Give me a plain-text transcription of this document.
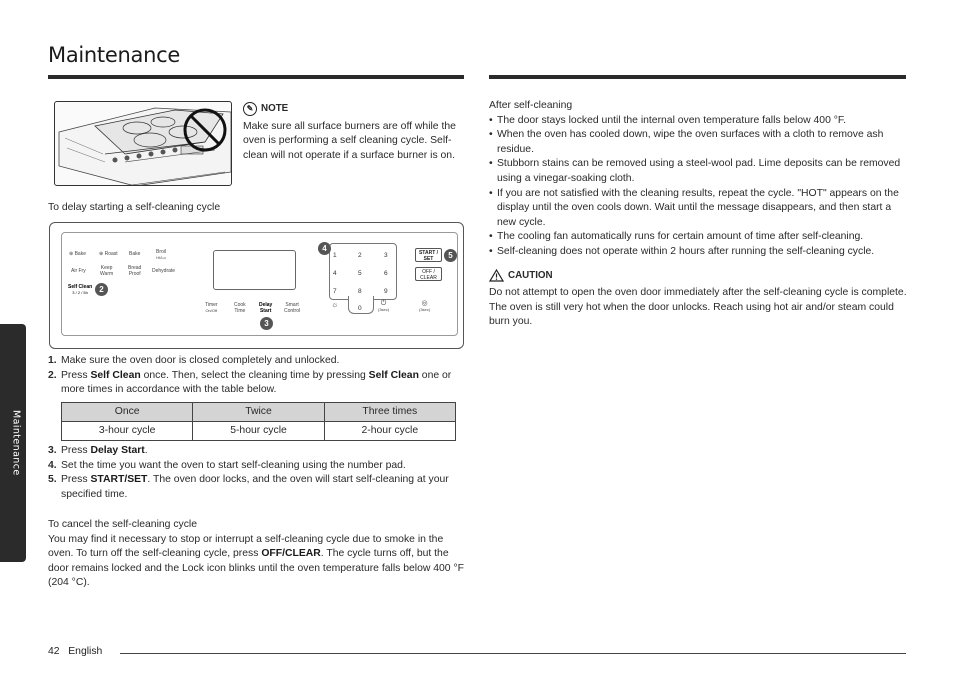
Maintenance
Maintenance
✎ NOTE
Make sure all surface burners are off while the oven is performing a self cleaning cycle. Self-clean will not operate if a surface burner is on.
To delay starting a self-cleaning cycle
⊕ Bake	⊕ Roast Bake	Broil
HI/Lo
Air Fry	Keep
Warm
Bread
Proof Dehydrate
Self Clean
3 / 2 / 5h
Timer
On/Off
Cook
Time
Delay
Start
Smart
Control
☼	◎
(3sec)
1	2	3
4	5	6
7	8	9
0
⏻
(3sec)
START / SET
OFF / CLEAR
2
3
4
5
1. Make sure the oven door is closed completely and unlocked.
2. Press Self Clean once. Then, select the cleaning time by pressing Self Clean one or more times in accordance with the table below.
Once	Twice	Three times
3-hour cycle	5-hour cycle	2-hour cycle
3. Press Delay Start.
4. Set the time you want the oven to start self-cleaning using the number pad.
5. Press START/SET. The oven door locks, and the oven will start self-cleaning at your specified time.
To cancel the self-cleaning cycle
You may find it necessary to stop or interrupt a self-cleaning cycle due to smoke in the oven. To turn off the self-cleaning cycle, press OFF/CLEAR. The cycle turns off, but the door remains locked and the Lock icon blinks until the oven temperature falls below 400 °F (204 °C).
After self-cleaning
• The door stays locked until the internal oven temperature falls below 400 °F.
• When the oven has cooled down, wipe the oven surfaces with a cloth to remove ash residue.
• Stubborn stains can be removed using a steel-wool pad. Lime deposits can be removed using a vinegar-soaking cloth.
• If you are not satisfied with the cleaning results, repeat the cycle. "HOT" appears on the display until the oven cools down. Wait until the message disappears, and then start a new cycle.
• The cooling fan automatically runs for certain amount of time after self-cleaning.
• Self-cleaning does not operate within 2 hours after running the self-cleaning cycle.
CAUTION
Do not attempt to open the oven door immediately after the self-cleaning cycle is complete. The oven is still very hot when the door unlocks. Reach using hot air and/or steam could burn you.
42 English
